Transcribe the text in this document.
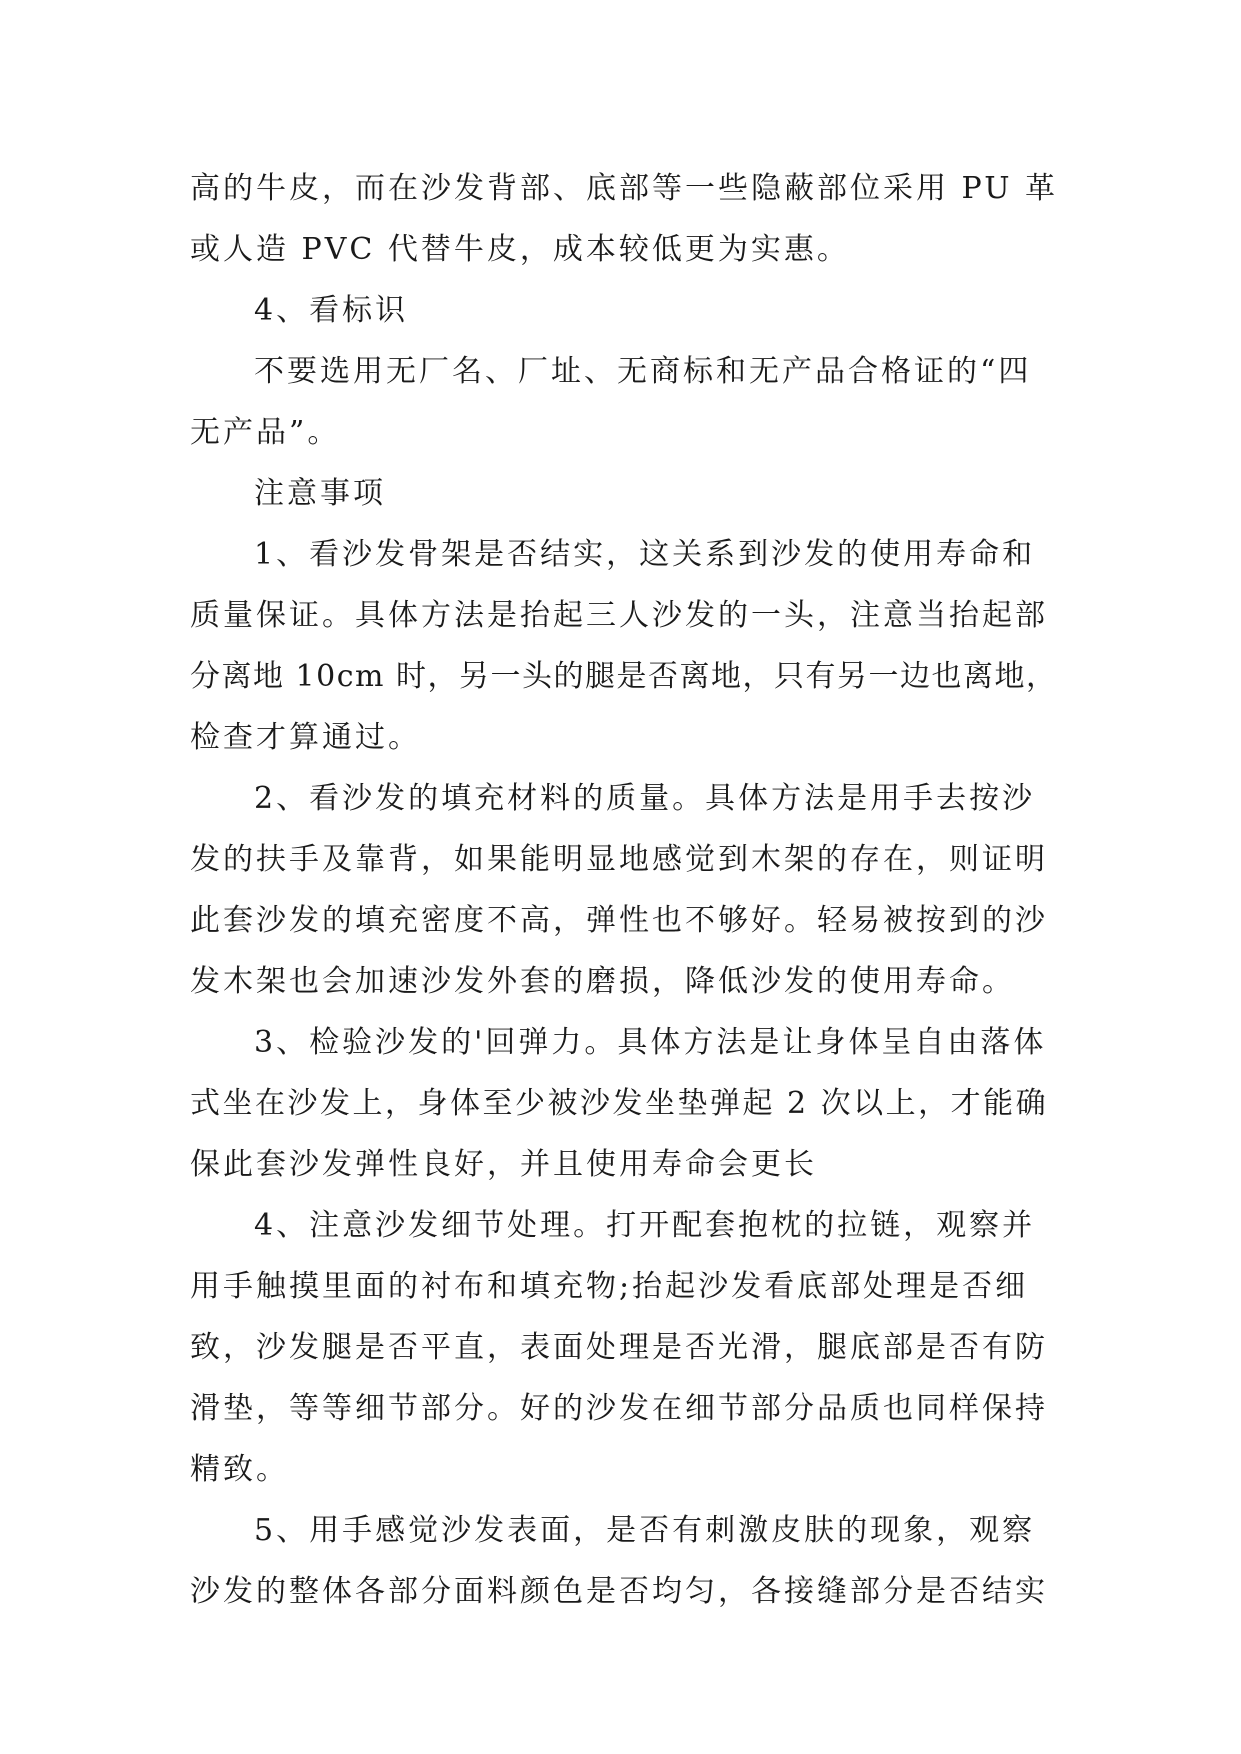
高的牛皮，而在沙发背部、底部等一些隐蔽部位采用 PU 革
或人造 PVC 代替牛皮，成本较低更为实惠。
4、看标识
不要选用无厂名、厂址、无商标和无产品合格证的“四
无产品”。
注意事项
1、看沙发骨架是否结实，这关系到沙发的使用寿命和
质量保证。具体方法是抬起三人沙发的一头，注意当抬起部
分离地 10cm 时，另一头的腿是否离地，只有另一边也离地，
检查才算通过。
2、看沙发的填充材料的质量。具体方法是用手去按沙
发的扶手及靠背，如果能明显地感觉到木架的存在，则证明
此套沙发的填充密度不高，弹性也不够好。轻易被按到的沙
发木架也会加速沙发外套的磨损，降低沙发的使用寿命。
3、检验沙发的'回弹力。具体方法是让身体呈自由落体
式坐在沙发上，身体至少被沙发坐垫弹起 2 次以上，才能确
保此套沙发弹性良好，并且使用寿命会更长
4、注意沙发细节处理。打开配套抱枕的拉链，观察并
用手触摸里面的衬布和填充物;抬起沙发看底部处理是否细
致，沙发腿是否平直，表面处理是否光滑，腿底部是否有防
滑垫，等等细节部分。好的沙发在细节部分品质也同样保持
精致。
5、用手感觉沙发表面，是否有刺激皮肤的现象，观察
沙发的整体各部分面料颜色是否均匀，各接缝部分是否结实
